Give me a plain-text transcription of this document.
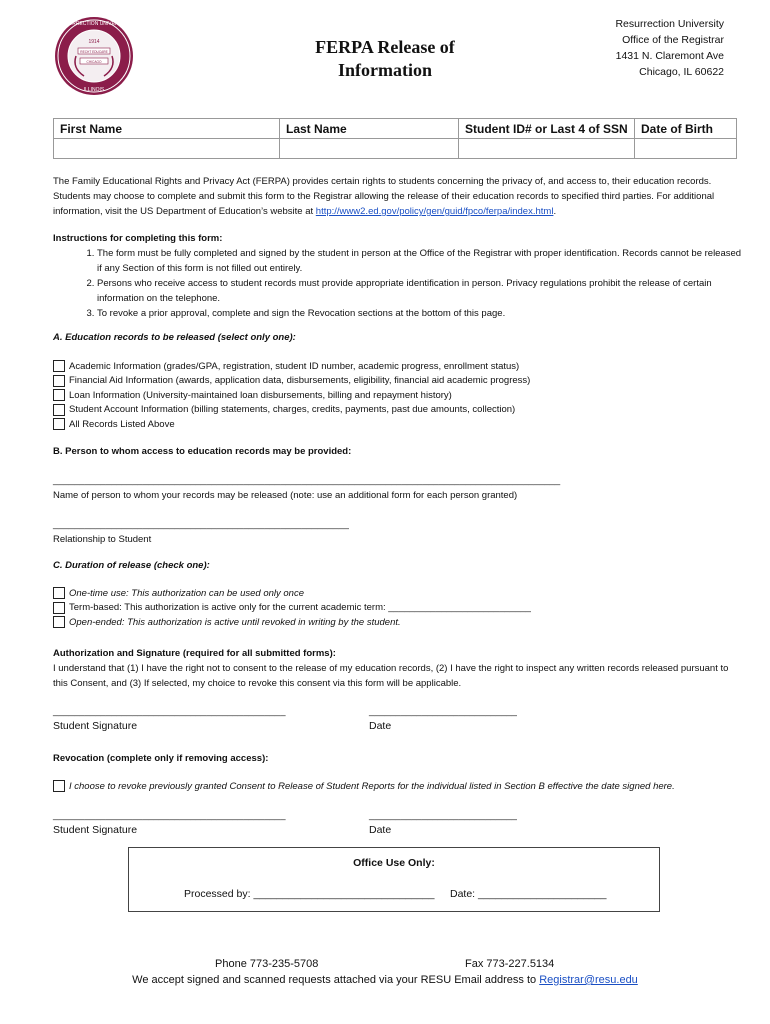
1914
RECHT EDUCARE
CHICAGO
RESURRECTION UNIVERSITY
ILLINOIS
FERPA Release of
Information
Resurrection University
Office of the Registrar
1431 N. Claremont Ave
Chicago, IL 60622
First Name	Last Name	Student ID# or Last 4 of SSN	Date of Birth

The Family Educational Rights and Privacy Act (FERPA) provides certain rights to students concerning the privacy of, and access to, their education records. Students may choose to complete and submit this form to the Registrar allowing the release of their education records to specified third parties. For additional information, visit the US Department of Education’s website at http://www2.ed.gov/policy/gen/guid/fpco/ferpa/index.html.
Instructions for completing this form:
1. The form must be fully completed and signed by the student in person at the Office of the Registrar with proper identification. Records cannot be released if any Section of this form is not filled out entirely.
2. Persons who receive access to student records must provide appropriate identification in person. Privacy regulations prohibit the release of certain information on the telephone.
3. To revoke a prior approval, complete and sign the Revocation sections at the bottom of this page.
A. Education records to be released (select only one):
Academic Information (grades/GPA, registration, student ID number, academic progress, enrollment status)
Financial Aid Information (awards, application data, disbursements, eligibility, financial aid academic progress)
Loan Information (University-maintained loan disbursements, billing and repayment history)
Student Account Information (billing statements, charges, credits, payments, past due amounts, collection)
All Records Listed Above
B. Person to whom access to education records may be provided:
________________________________________________________________________________________________
Name of person to whom your records may be released (note: use an additional form for each person granted)
________________________________________________________
Relationship to Student
C. Duration of release (check one):
One-time use: This authorization can be used only once
Term-based: This authorization is active only for the current academic term: ___________________________
Open-ended: This authorization is active until revoked in writing by the student.
Authorization and Signature (required for all submitted forms):
I understand that (1) I have the right not to consent to the release of my education records, (2) I have the right to inspect any written records released pursuant to this Consent, and (3) If selected, my choice to revoke this consent via this form will be applicable.
____________________________________________	____________________________
Student Signature	Date
Revocation (complete only if removing access):
I choose to revoke previously granted Consent to Release of Student Reports for the individual listed in Section B effective the date signed here.
____________________________________________	____________________________
Student Signature	Date
Office Use Only:
Processed by: _______________________________ Date: ______________________
Phone 773-235-5708	Fax 773-227.5134
We accept signed and scanned requests attached via your RESU Email address to Registrar@resu.edu
